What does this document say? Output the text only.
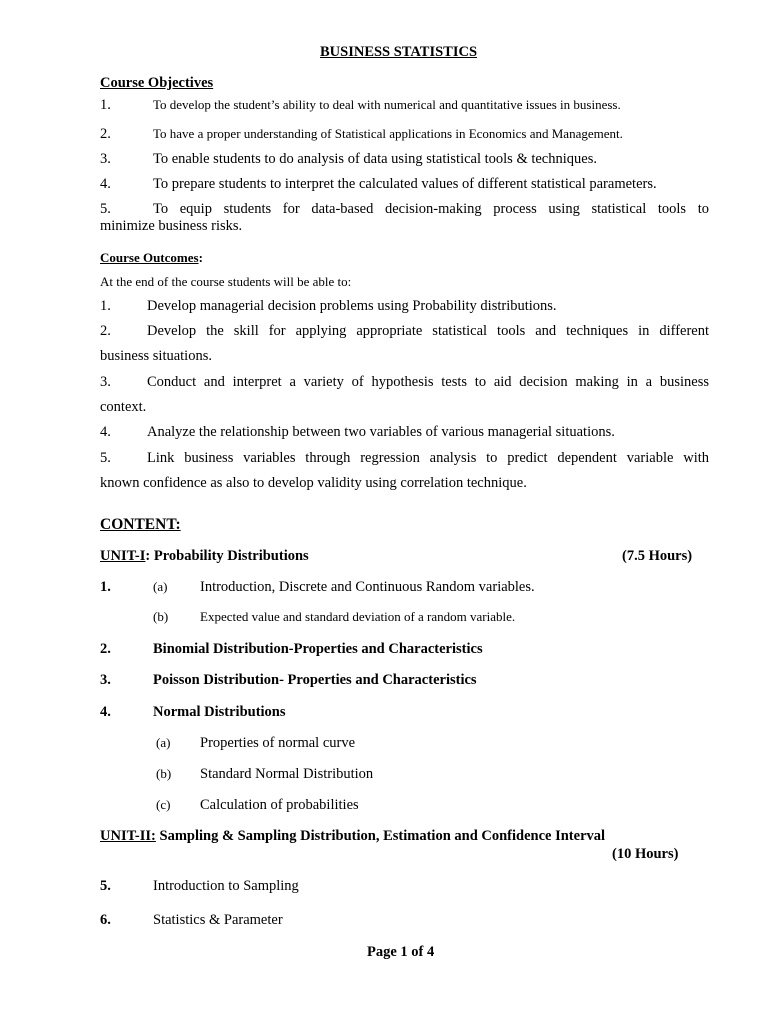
BUSINESS STATISTICS
Course Objectives
1.	To develop the student’s ability to deal with numerical and quantitative issues in business.
2.	To have a proper understanding of Statistical applications in Economics and Management.
3.	To enable students to do analysis of data using statistical tools & techniques.
4.	To prepare students to interpret the calculated values of different statistical parameters.
5.	To  equip  students  for  data-based  decision-making  process  using  statistical  tools  to
minimize business risks.
Course Outcomes:
At the end of the course students will be able to:
1. Develop managerial decision problems using Probability distributions.
2. Develop  the  skill  for  applying  appropriate  statistical  tools  and  techniques  in  different
business situations.
3. Conduct  and  interpret  a  variety  of  hypothesis  tests  to  aid  decision  making  in  a  business
context.
4. Analyze the relationship between two variables of various managerial situations.
5. Link  business  variables  through  regression  analysis  to  predict  dependent  variable  with
known confidence as also to develop validity using correlation technique.
CONTENT:
UNIT-I: Probability Distributions	(7.5 Hours)
1.	(a) Introduction, Discrete and Continuous Random variables.
(b) Expected value and standard deviation of a random variable.
2.	Binomial Distribution-Properties and Characteristics
3.	Poisson Distribution- Properties and Characteristics
4.	Normal Distributions
(a) Properties of normal curve
(b) Standard Normal Distribution
(c) Calculation of probabilities
UNIT-II: Sampling & Sampling Distribution, Estimation and Confidence Interval
(10 Hours)
5.	Introduction to Sampling
6.	Statistics & Parameter
Page 1 of 4
